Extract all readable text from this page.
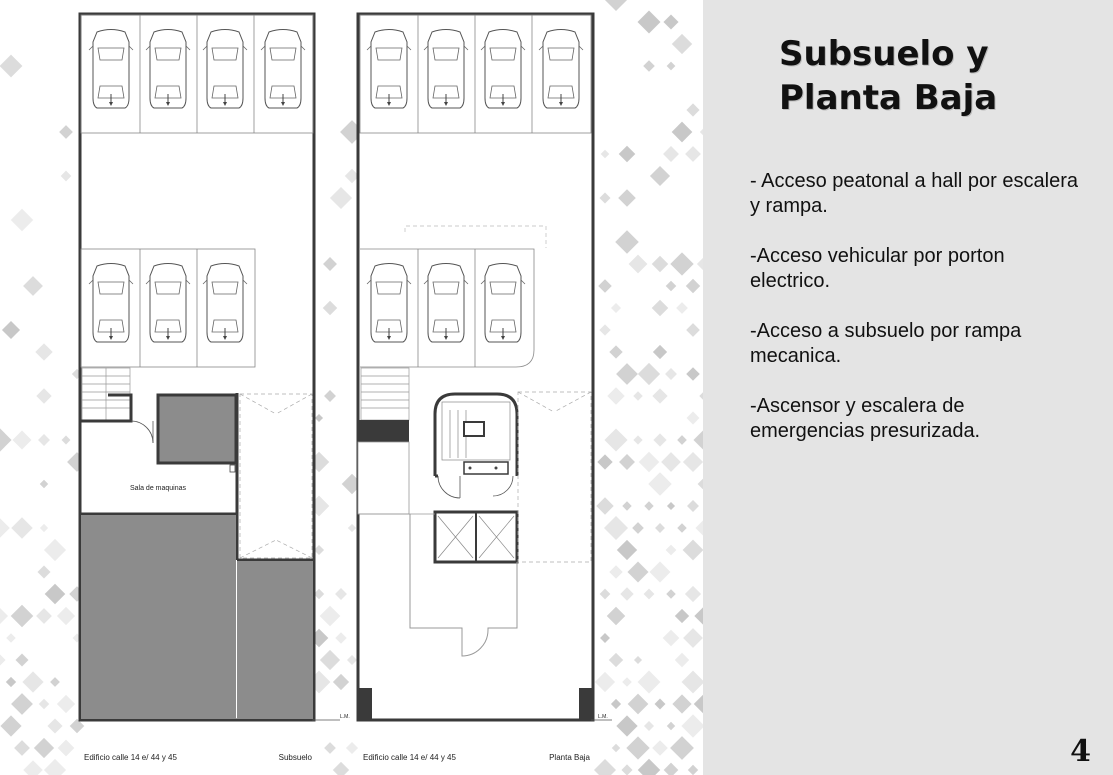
Sala de maquinas
L.M.
Edificio calle 14 e/ 44 y 45	Subsuelo
L.M.
Edificio calle 14 e/ 44 y 45	Planta Baja
Subsuelo y
Planta Baja
- Acceso peatonal a hall por escalera y rampa.
-Acceso vehicular por porton electrico.
-Acceso a subsuelo por rampa mecanica.
-Ascensor y escalera de emergencias presurizada.
4
